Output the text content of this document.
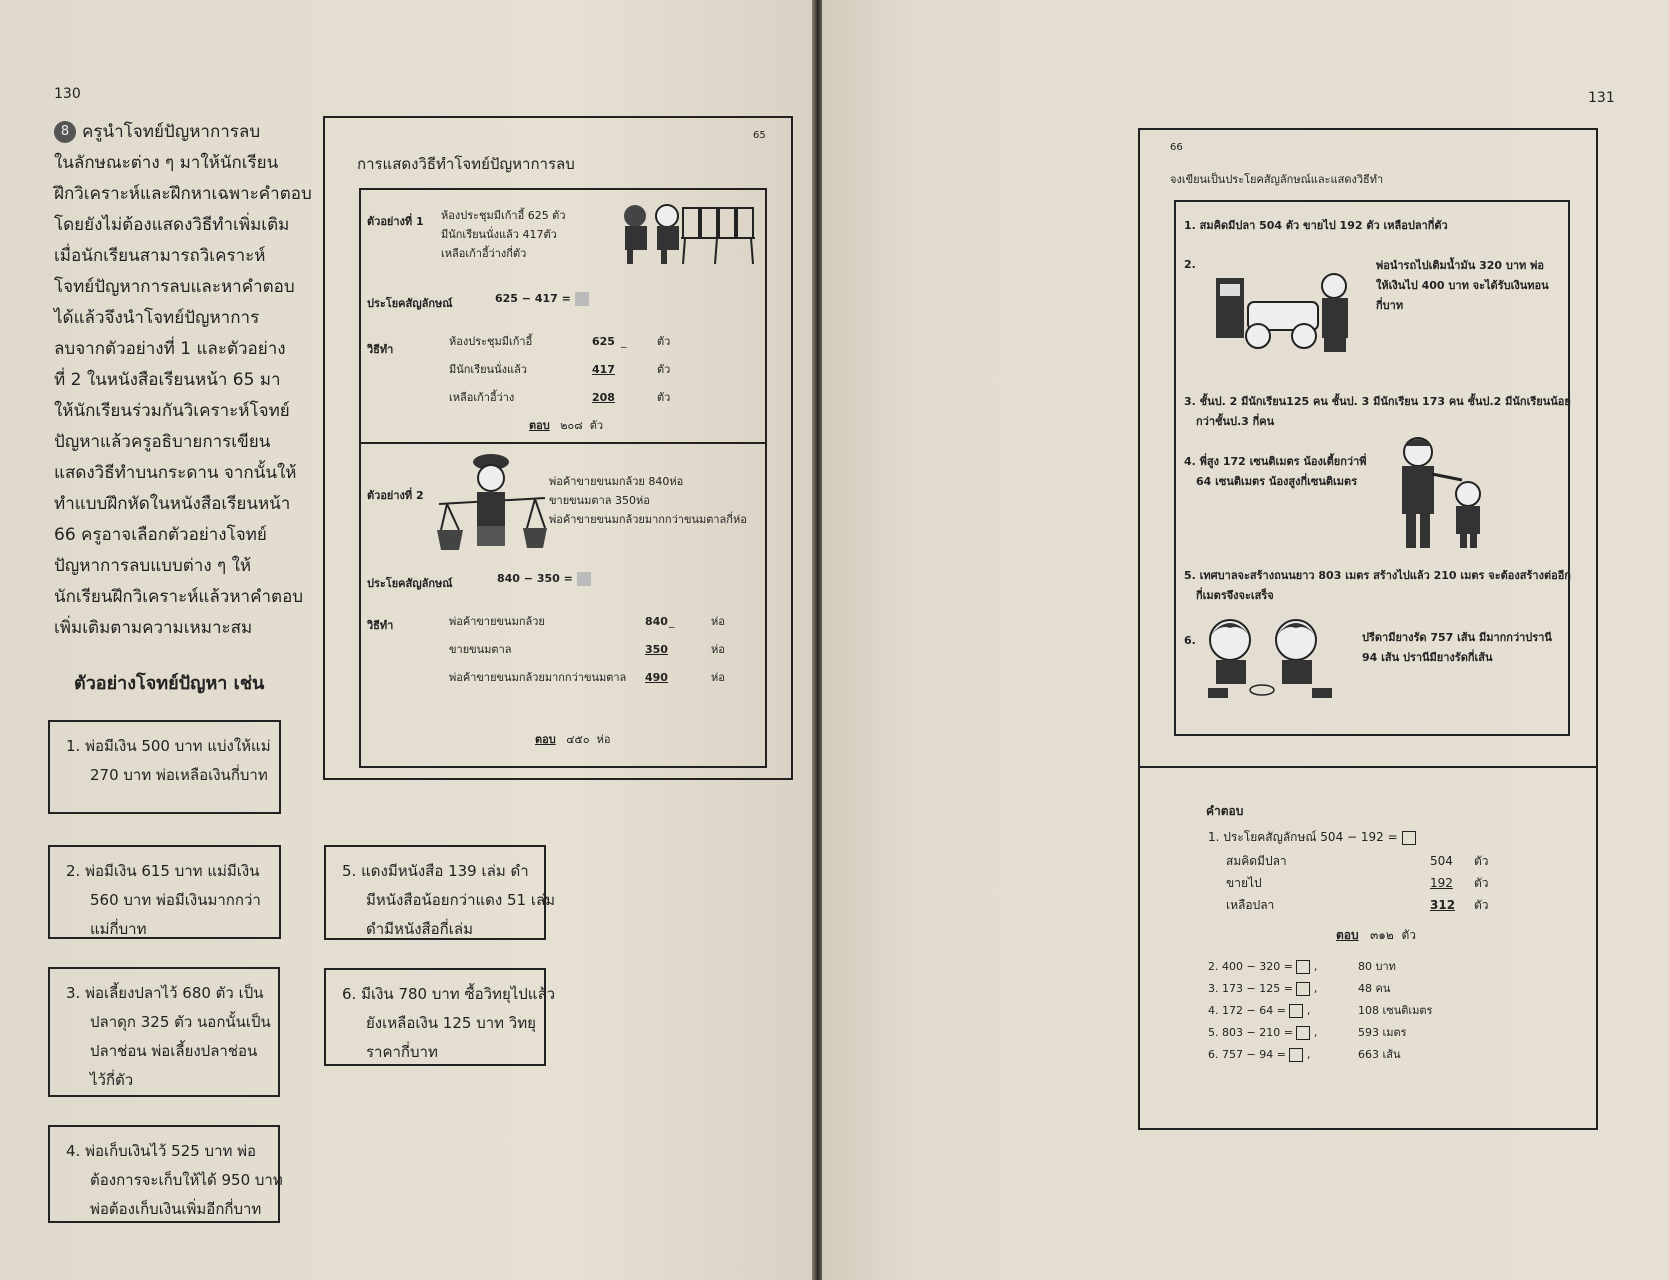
130
8 ครูนำโจทย์ปัญหาการลบ
ในลักษณะต่าง ๆ มาให้นักเรียน
ฝึกวิเคราะห์และฝึกหาเฉพาะคำตอบ
โดยยังไม่ต้องแสดงวิธีทำเพิ่มเติม
เมื่อนักเรียนสามารถวิเคราะห์
โจทย์ปัญหาการลบและหาคำตอบ
ได้แล้วจึงนำโจทย์ปัญหาการ
ลบจากตัวอย่างที่ 1 และตัวอย่าง
ที่ 2 ในหนังสือเรียนหน้า 65 มา
ให้นักเรียนร่วมกันวิเคราะห์โจทย์
ปัญหาแล้วครูอธิบายการเขียน
แสดงวิธีทำบนกระดาน จากนั้นให้
ทำแบบฝึกหัดในหนังสือเรียนหน้า
66 ครูอาจเลือกตัวอย่างโจทย์
ปัญหาการลบแบบต่าง ๆ ให้
นักเรียนฝึกวิเคราะห์แล้วหาคำตอบ
เพิ่มเติมตามความเหมาะสม
ตัวอย่างโจทย์ปัญหา เช่น
1. พ่อมีเงิน 500 บาท แบ่งให้แม่
270 บาท พ่อเหลือเงินกี่บาท
2. พ่อมีเงิน 615 บาท แม่มีเงิน
560 บาท พ่อมีเงินมากกว่า
แม่กี่บาท
3. พ่อเลี้ยงปลาไว้ 680 ตัว เป็น
ปลาดุก 325 ตัว นอกนั้นเป็น
ปลาช่อน พ่อเลี้ยงปลาช่อน
ไว้กี่ตัว
4. พ่อเก็บเงินไว้ 525 บาท พ่อ
ต้องการจะเก็บให้ได้ 950 บาท
พ่อต้องเก็บเงินเพิ่มอีกกี่บาท
5. แดงมีหนังสือ 139 เล่ม ดำ
มีหนังสือน้อยกว่าแดง 51 เล่ม
ดำมีหนังสือกี่เล่ม
6. มีเงิน 780 บาท ซื้อวิทยุไปแล้ว
ยังเหลือเงิน 125 บาท วิทยุ
ราคากี่บาท
65
การแสดงวิธีทำโจทย์ปัญหาการลบ
ตัวอย่างที่ 1 ห้องประชุมมีเก้าอี้ 625 ตัว
มีนักเรียนนั่งแล้ว 417ตัว
เหลือเก้าอี้ว่างกี่ตัว
ประโยคสัญลักษณ์	625 − 417 =
วิธีทำ
ห้องประชุมมีเก้าอี้	625 _	ตัว
มีนักเรียนนั่งแล้ว	417	ตัว
เหลือเก้าอี้ว่าง	208	ตัว
ตอบ ๒๐๘ ตัว
ตัวอย่างที่ 2
พ่อค้าขายขนมกล้วย 840ห่อ
ขายขนมตาล 350ห่อ
พ่อค้าขายขนมกล้วยมากกว่าขนมตาลกี่ห่อ
ประโยคสัญลักษณ์	840 − 350 =
วิธีทำ	พ่อค้าขายขนมกล้วย	840 _	ห่อ
ขายขนมตาล	350	ห่อ
พ่อค้าขายขนมกล้วยมากกว่าขนมตาล 490	ห่อ
ตอบ ๔๕๐ ห่อ
131
66
จงเขียนเป็นประโยคสัญลักษณ์และแสดงวิธีทำ
1. สมคิดมีปลา 504 ตัว ขายไป 192 ตัว เหลือปลากี่ตัว
2.	พ่อนำรถไปเติมน้ำมัน 320 บาท พ่อ
ให้เงินไป 400 บาท จะได้รับเงินทอน
กี่บาท
3. ชั้นป. 2 มีนักเรียน125 คน ชั้นป. 3 มีนักเรียน 173 คน ชั้นป.2 มีนักเรียนน้อย
กว่าชั้นป.3 กี่คน
4. พี่สูง 172 เซนติเมตร น้องเตี้ยกว่าพี่
64 เซนติเมตร น้องสูงกี่เซนติเมตร
5. เทศบาลจะสร้างถนนยาว 803 เมตร สร้างไปแล้ว 210 เมตร จะต้องสร้างต่ออีก
กี่เมตรจึงจะเสร็จ
6.	ปรีดามียางรัด 757 เส้น มีมากกว่าปรานี
94 เส้น ปรานีมียางรัดกี่เส้น
คำตอบ
1. ประโยคสัญลักษณ์ 504 − 192 =
สมคิดมีปลา	504 ตัว
ขายไป	192 ตัว
เหลือปลา	312 ตัว
ตอบ ๓๑๒ ตัว
2. 400 − 320 =  ,	80 บาท
3. 173 − 125 =  ,	48 คน
4. 172 − 64 =  ,	108 เซนติเมตร
5. 803 − 210 =  ,	593 เมตร
6. 757 − 94 =  ,	663 เส้น
